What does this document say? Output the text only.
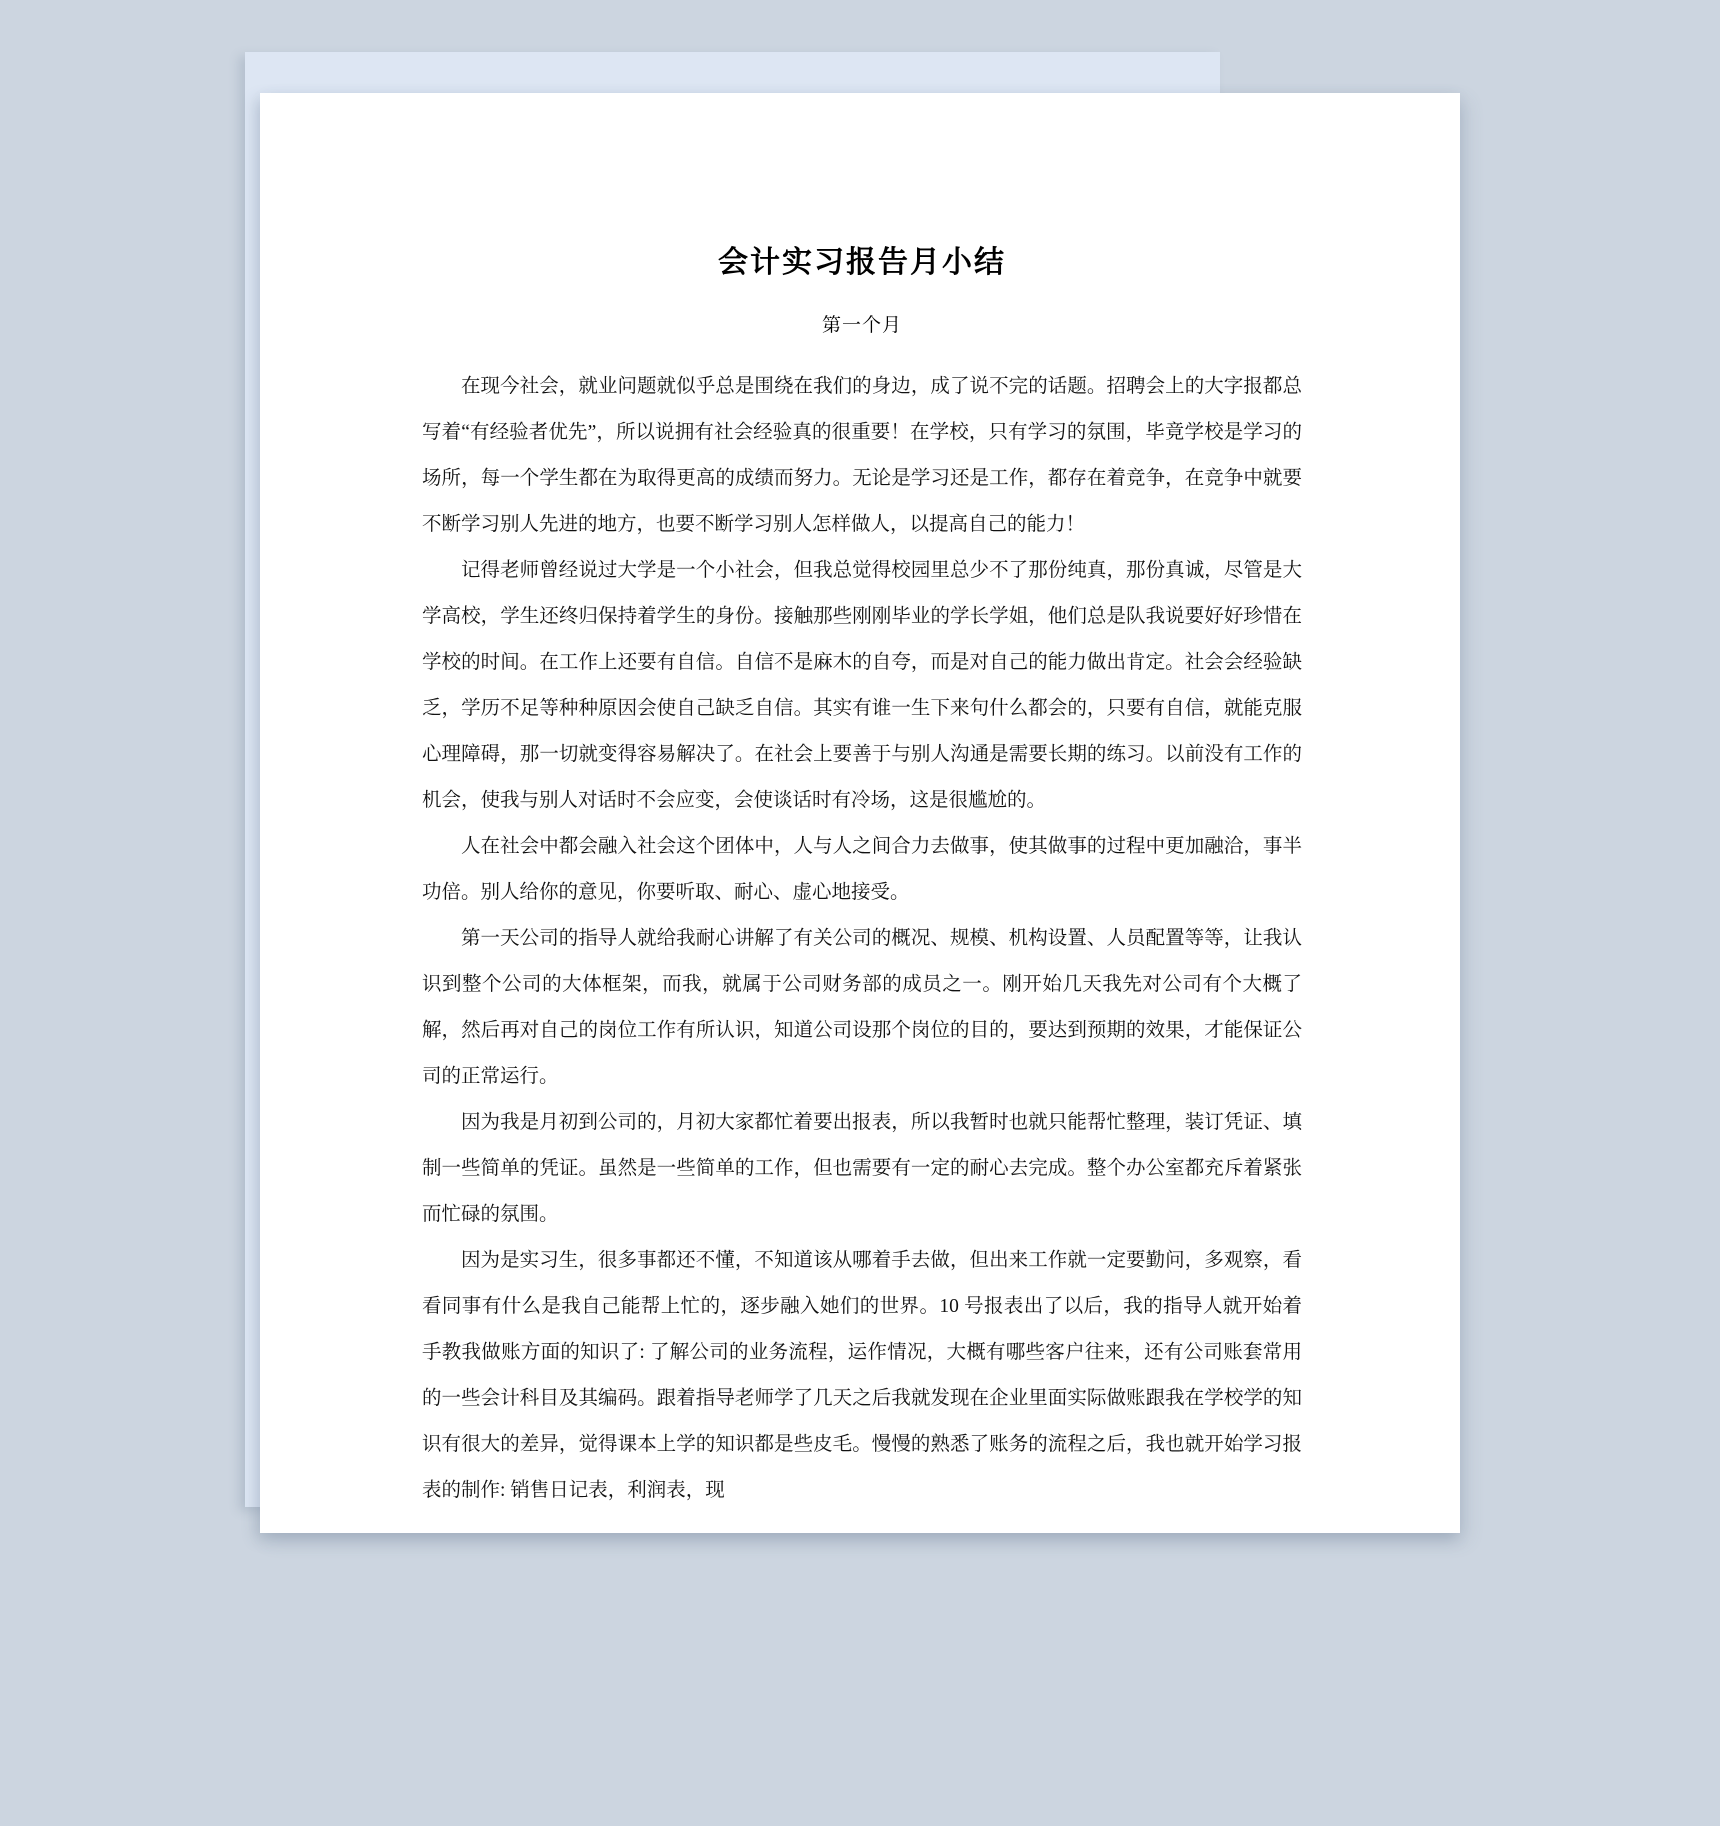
会计实习报告月小结
第一个月

在现今社会，就业问题就似乎总是围绕在我们的身边，成了说不完的话题。招聘会上的大字报都总写着“有经验者优先”，所以说拥有社会经验真的很重要！在学校，只有学习的氛围，毕竟学校是学习的场所，每一个学生都在为取得更高的成绩而努力。无论是学习还是工作，都存在着竞争，在竞争中就要不断学习别人先进的地方，也要不断学习别人怎样做人，以提高自己的能力！

记得老师曾经说过大学是一个小社会，但我总觉得校园里总少不了那份纯真，那份真诚，尽管是大学高校，学生还终归保持着学生的身份。接触那些刚刚毕业的学长学姐，他们总是队我说要好好珍惜在学校的时间。在工作上还要有自信。自信不是麻木的自夸，而是对自己的能力做出肯定。社会会经验缺乏，学历不足等种种原因会使自己缺乏自信。其实有谁一生下来句什么都会的，只要有自信，就能克服心理障碍，那一切就变得容易解决了。在社会上要善于与别人沟通是需要长期的练习。以前没有工作的机会，使我与别人对话时不会应变，会使谈话时有冷场，这是很尴尬的。

人在社会中都会融入社会这个团体中，人与人之间合力去做事，使其做事的过程中更加融洽，事半功倍。别人给你的意见，你要听取、耐心、虚心地接受。

第一天公司的指导人就给我耐心讲解了有关公司的概况、规模、机构设置、人员配置等等，让我认识到整个公司的大体框架，而我，就属于公司财务部的成员之一。刚开始几天我先对公司有个大概了解，然后再对自己的岗位工作有所认识，知道公司设那个岗位的目的，要达到预期的效果，才能保证公司的正常运行。

因为我是月初到公司的，月初大家都忙着要出报表，所以我暂时也就只能帮忙整理，装订凭证、填制一些简单的凭证。虽然是一些简单的工作，但也需要有一定的耐心去完成。整个办公室都充斥着紧张而忙碌的氛围。

因为是实习生，很多事都还不懂，不知道该从哪着手去做，但出来工作就一定要勤问，多观察，看看同事有什么是我自己能帮上忙的，逐步融入她们的世界。10 号报表出了以后，我的指导人就开始着手教我做账方面的知识了: 了解公司的业务流程，运作情况，大概有哪些客户往来，还有公司账套常用的一些会计科目及其编码。跟着指导老师学了几天之后我就发现在企业里面实际做账跟我在学校学的知识有很大的差异，觉得课本上学的知识都是些皮毛。慢慢的熟悉了账务的流程之后，我也就开始学习报表的制作: 销售日记表，利润表，现
